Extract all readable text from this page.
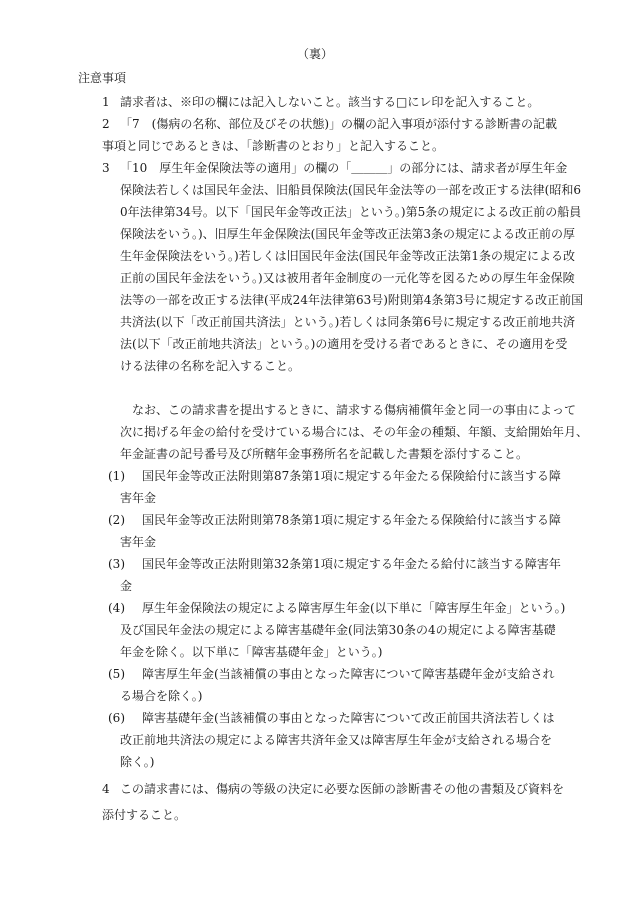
（裏）
注意事項
1 請求者は、※印の欄には記入しないこと。該当する□にレ印を記入すること。
2 「7　(傷病の名称、部位及びその状態)」の欄の記入事項が添付する診断書の記載
事項と同じであるときは、「診断書のとおり」と記入すること。
3 「10　厚生年金保険法等の適用」の欄の「＿＿＿」の部分には、請求者が厚生年金
保険法若しくは国民年金法、旧船員保険法(国民年金法等の一部を改正する法律(昭和6
0年法律第34号。以下「国民年金等改正法」という。)第5条の規定による改正前の船員
保険法をいう。)、旧厚生年金保険法(国民年金等改正法第3条の規定による改正前の厚
生年金保険法をいう。)若しくは旧国民年金法(国民年金等改正法第1条の規定による改
正前の国民年金法をいう。)又は被用者年金制度の一元化等を図るための厚生年金保険
法等の一部を改正する法律(平成24年法律第63号)附則第4条第3号に規定する改正前国
共済法(以下「改正前国共済法」という。)若しくは同条第6号に規定する改正前地共済
法(以下「改正前地共済法」という。)の適用を受ける者であるときに、その適用を受
ける法律の名称を記入すること。
なお、この請求書を提出するときに、請求する傷病補償年金と同一の事由によって
次に掲げる年金の給付を受けている場合には、その年金の種類、年額、支給開始年月、
年金証書の記号番号及び所轄年金事務所名を記載した書類を添付すること。
(1) 国民年金等改正法附則第87条第1項に規定する年金たる保険給付に該当する障
害年金
(2) 国民年金等改正法附則第78条第1項に規定する年金たる保険給付に該当する障
害年金
(3) 国民年金等改正法附則第32条第1項に規定する年金たる給付に該当する障害年
金
(4) 厚生年金保険法の規定による障害厚生年金(以下単に「障害厚生年金」という。)
及び国民年金法の規定による障害基礎年金(同法第30条の4の規定による障害基礎
年金を除く。以下単に「障害基礎年金」という。)
(5) 障害厚生年金(当該補償の事由となった障害について障害基礎年金が支給され
る場合を除く。)
(6) 障害基礎年金(当該補償の事由となった障害について改正前国共済法若しくは
改正前地共済法の規定による障害共済年金又は障害厚生年金が支給される場合を
除く。)
4 この請求書には、傷病の等級の決定に必要な医師の診断書その他の書類及び資料を
添付すること。
